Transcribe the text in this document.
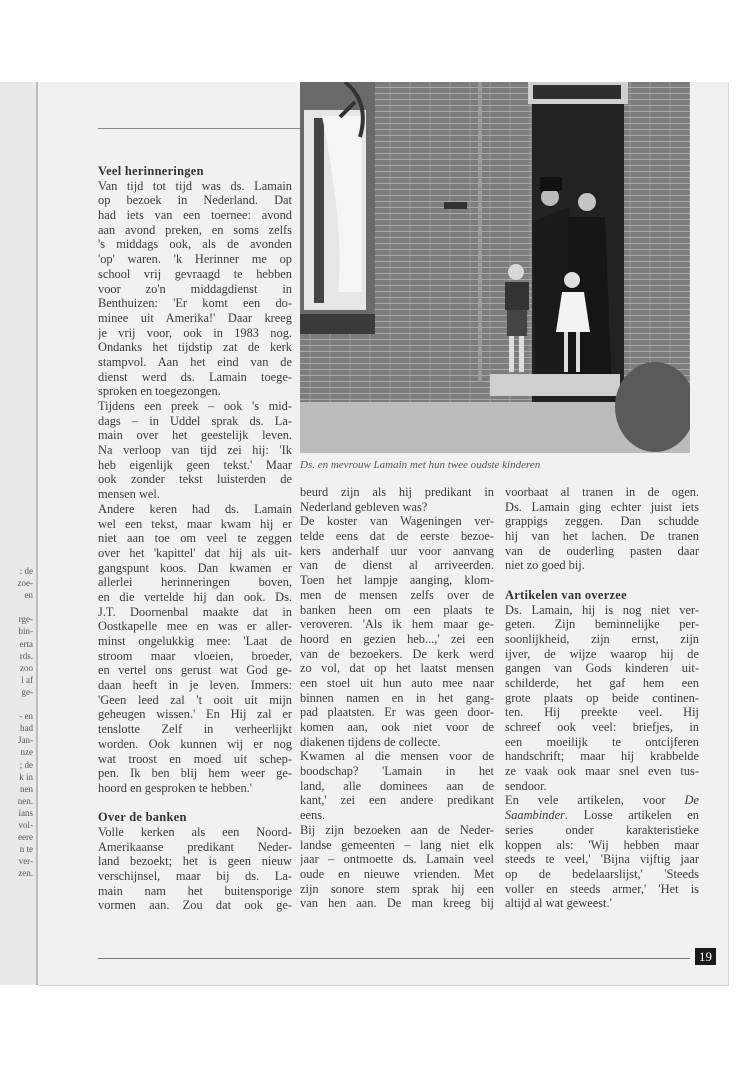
: de
zoe-
en
rge-
bin-
erta
rds.
zoo
l af
ge-
- en
had
Jan-
nze
; de
k in
nen
nen.
ians
vol-
eere
n te
ver-
zen.
Ds. en mevrouw Lamain met hun twee oudste kinderen
Veel herinneringen
Van tijd tot tijd was ds. Lamain
op bezoek in Nederland. Dat
had iets van een toernee: avond
aan avond preken, en soms zelfs
's middags ook, als de avonden
'op' waren. 'k Herinner me op
school vrij gevraagd te hebben
voor zo'n middagdienst in
Benthuizen: 'Er komt een do-
minee uit Amerika!' Daar kreeg
je vrij voor, ook in 1983 nog.
Ondanks het tijdstip zat de kerk
stampvol. Aan het eind van de
dienst werd ds. Lamain toege-
sproken en toegezongen.
Tijdens een preek – ook 's mid-
dags – in Uddel sprak ds. La-
main over het geestelijk leven.
Na verloop van tijd zei hij: 'Ik
heb eigenlijk geen tekst.' Maar
ook zonder tekst luisterden de
mensen wel.
Andere keren had ds. Lamain
wel een tekst, maar kwam hij er
niet aan toe om veel te zeggen
over het 'kapittel' dat hij als uit-
gangspunt koos. Dan kwamen er
allerlei herinneringen boven,
en die vertelde hij dan ook. Ds.
J.T. Doornenbal maakte dat in
Oostkapelle mee en was er aller-
minst ongelukkig mee: 'Laat de
stroom maar vloeien, broeder,
en vertel ons gerust wat God ge-
daan heeft in je leven. Immers:
'Geen leed zal 't ooit uit mijn
geheugen wissen.' En Hij zal er
tenslotte Zelf in verheerlijkt
worden. Ook kunnen wij er nog
wat troost en moed uit schep-
pen. Ik ben blij hem weer ge-
hoord en gesproken te hebben.'
Over de banken
Volle kerken als een Noord-
Amerikaanse predikant Neder-
land bezoekt; het is geen nieuw
verschijnsel, maar bij ds. La-
main nam het buitensporige
vormen aan. Zou dat ook ge-
beurd zijn als hij predikant in
Nederland gebleven was?
De koster van Wageningen ver-
telde eens dat de eerste bezoe-
kers anderhalf uur voor aanvang
van de dienst al arriveerden.
Toen het lampje aanging, klom-
men de mensen zelfs over de
banken heen om een plaats te
veroveren. 'Als ik hem maar ge-
hoord en gezien heb...,' zei een
van de bezoekers. De kerk werd
zo vol, dat op het laatst mensen
een stoel uit hun auto mee naar
binnen namen en in het gang-
pad plaatsten. Er was geen door-
komen aan, ook niet voor de
diakenen tijdens de collecte.
Kwamen al die mensen voor de
boodschap? 'Lamain in het
land, alle dominees aan de
kant,' zei een andere predikant
eens.
Bij zijn bezoeken aan de Neder-
landse gemeenten – lang niet elk
jaar – ontmoette ds. Lamain veel
oude en nieuwe vrienden. Met
zijn sonore stem sprak hij een
van hen aan. De man kreeg bij
voorbaat al tranen in de ogen.
Ds. Lamain ging echter juist iets
grappigs zeggen. Dan schudde
hij van het lachen. De tranen
van de ouderling pasten daar
niet zo goed bij.
Artikelen van overzee
Ds. Lamain, hij is nog niet ver-
geten. Zijn beminnelijke per-
soonlijkheid, zijn ernst, zijn
ijver, de wijze waarop hij de
gangen van Gods kinderen uit-
schilderde, het gaf hem een
grote plaats op beide continen-
ten. Hij preekte veel. Hij
schreef ook veel: briefjes, in
een moeilijk te ontcijferen
handschrift; maar hij krabbelde
ze vaak ook maar snel even tus-
sendoor.
En vele artikelen, voor De
Saambinder. Losse artikelen en
series onder karakteristieke
koppen als: 'Wij hebben maar
steeds te veel,' 'Bijna vijftig jaar
op de bedelaarslijst,' 'Steeds
voller en steeds armer,' 'Het is
altijd al wat geweest.'
19
